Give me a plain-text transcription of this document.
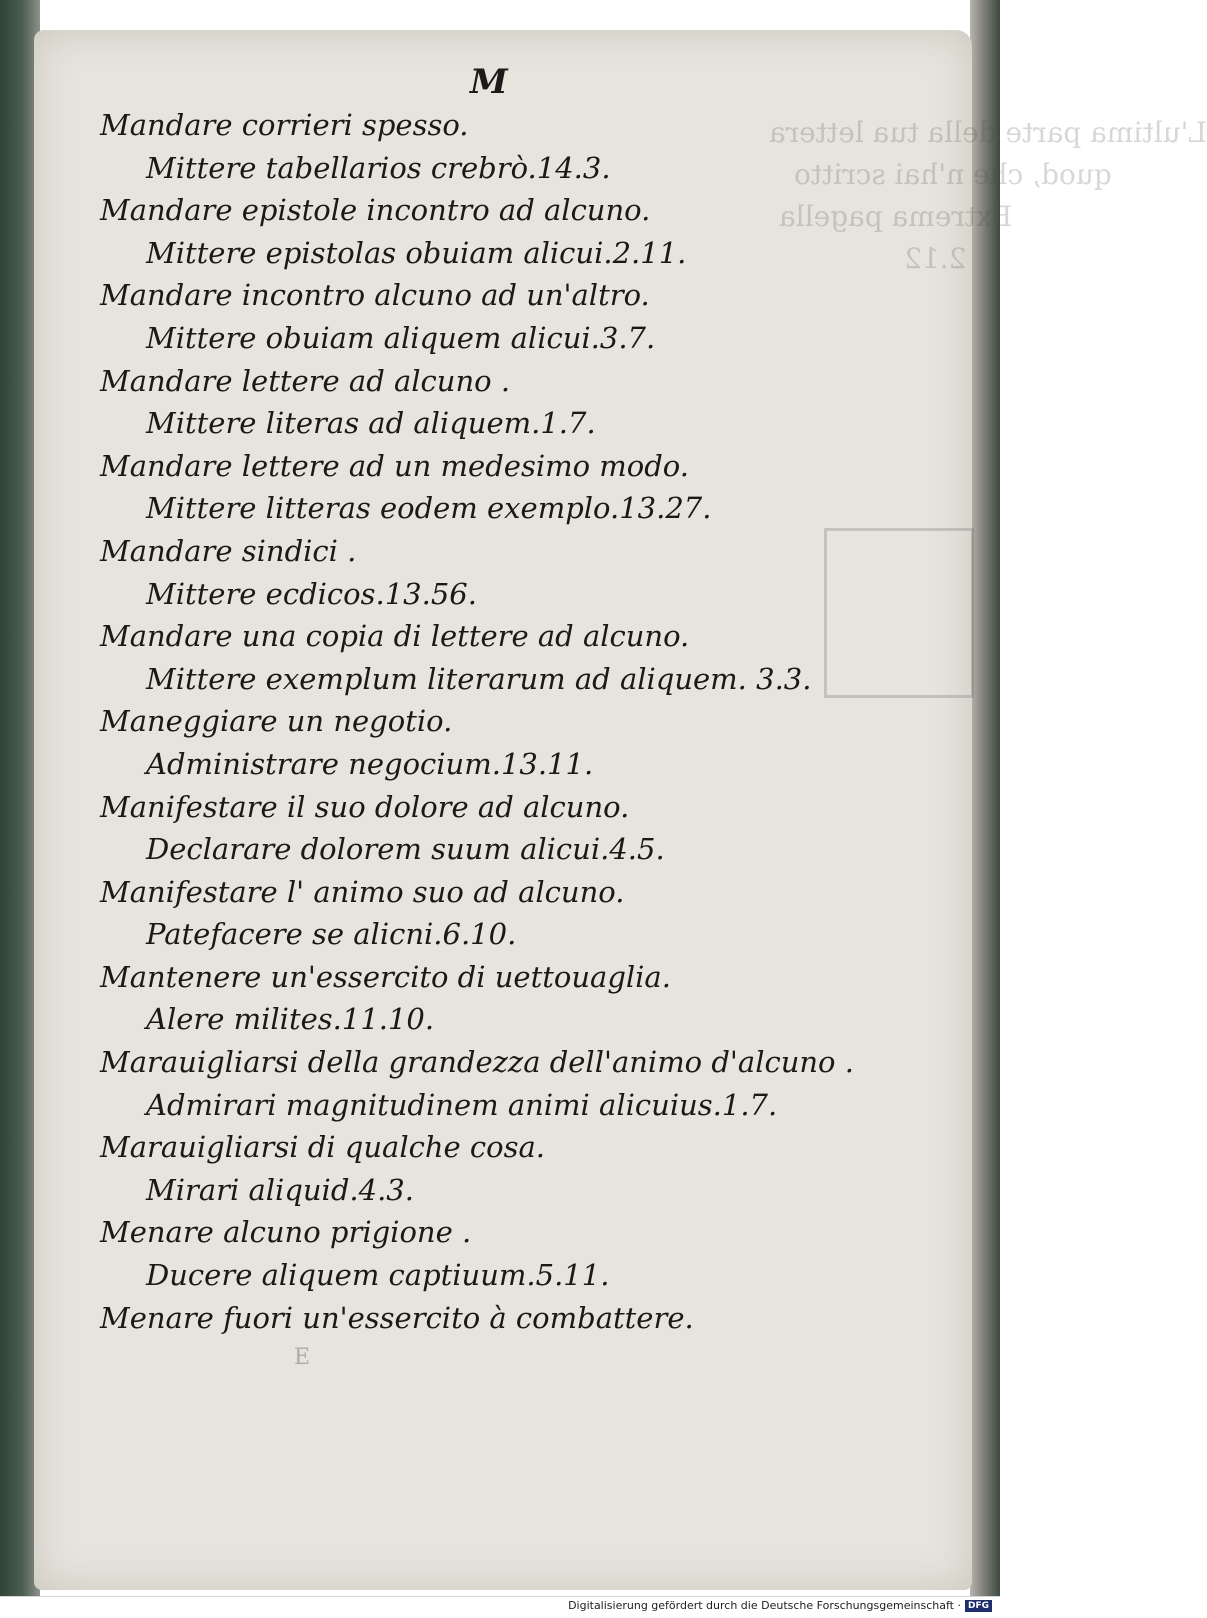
L'ultima parte della tua lettera
quod, che n'hai scritto
Extrema pagella
2.12
M
Mandare corrieri spesso.
Mittere tabellarios crebrò.14.3.
Mandare epistole incontro ad alcuno.
Mittere epistolas obuiam alicui.2.11.
Mandare incontro alcuno ad un'altro.
Mittere obuiam aliquem alicui.3.7.
Mandare lettere ad alcuno .
Mittere literas ad aliquem.1.7.
Mandare lettere ad un medesimo modo.
Mittere litteras eodem exemplo.13.27.
Mandare sindici .
Mittere ecdicos.13.56.
Mandare una copia di lettere ad alcuno.
Mittere exemplum literarum ad aliquem. 3.3.
Maneggiare un negotio.
Administrare negocium.13.11.
Manifestare il suo dolore ad alcuno.
Declarare dolorem suum alicui.4.5.
Manifestare l' animo suo ad alcuno.
Patefacere se alicni.6.10.
Mantenere un'essercito di uettouaglia.
Alere milites.11.10.
Marauigliarsi della grandezza dell'animo d'alcuno .
Admirari magnitudinem animi alicuius.1.7.
Marauigliarsi di qualche cosa.
Mirari aliquid.4.3.
Menare alcuno prigione .
Ducere aliquem captiuum.5.11.
Menare fuori un'essercito à combattere.
E
Digitalisierung gefördert durch die Deutsche Forschungsgemeinschaft · DFG
